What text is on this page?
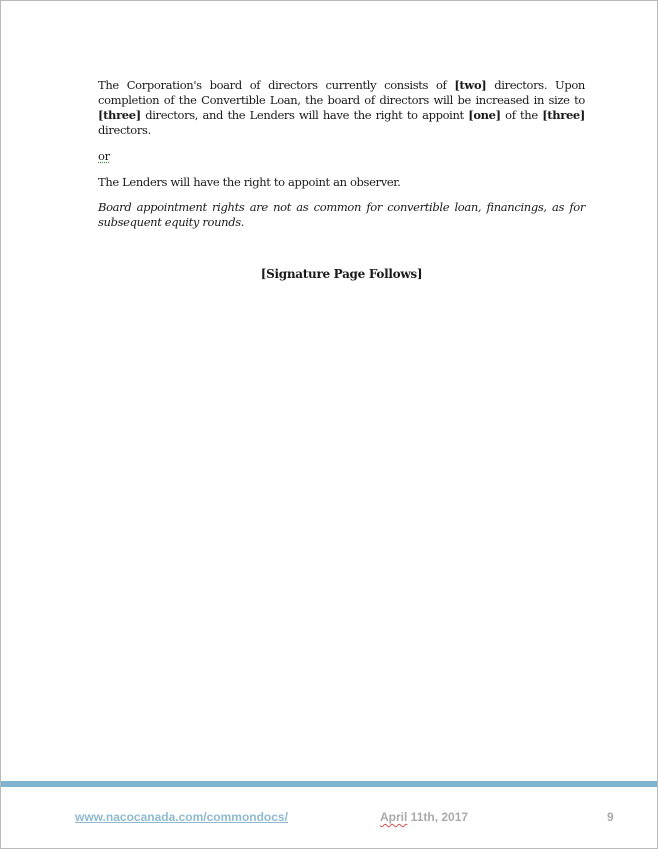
The Corporation's board of directors currently consists of [two] directors. Upon completion of the Convertible Loan, the board of directors will be increased in size to [three] directors, and the Lenders will have the right to appoint [one] of the [three] directors.

or

The Lenders will have the right to appoint an observer.

Board appointment rights are not as common for convertible loan, financings, as for subsequent equity rounds.

[Signature Page Follows]
www.nacocanada.com/commondocs/	April 11th, 2017	9
